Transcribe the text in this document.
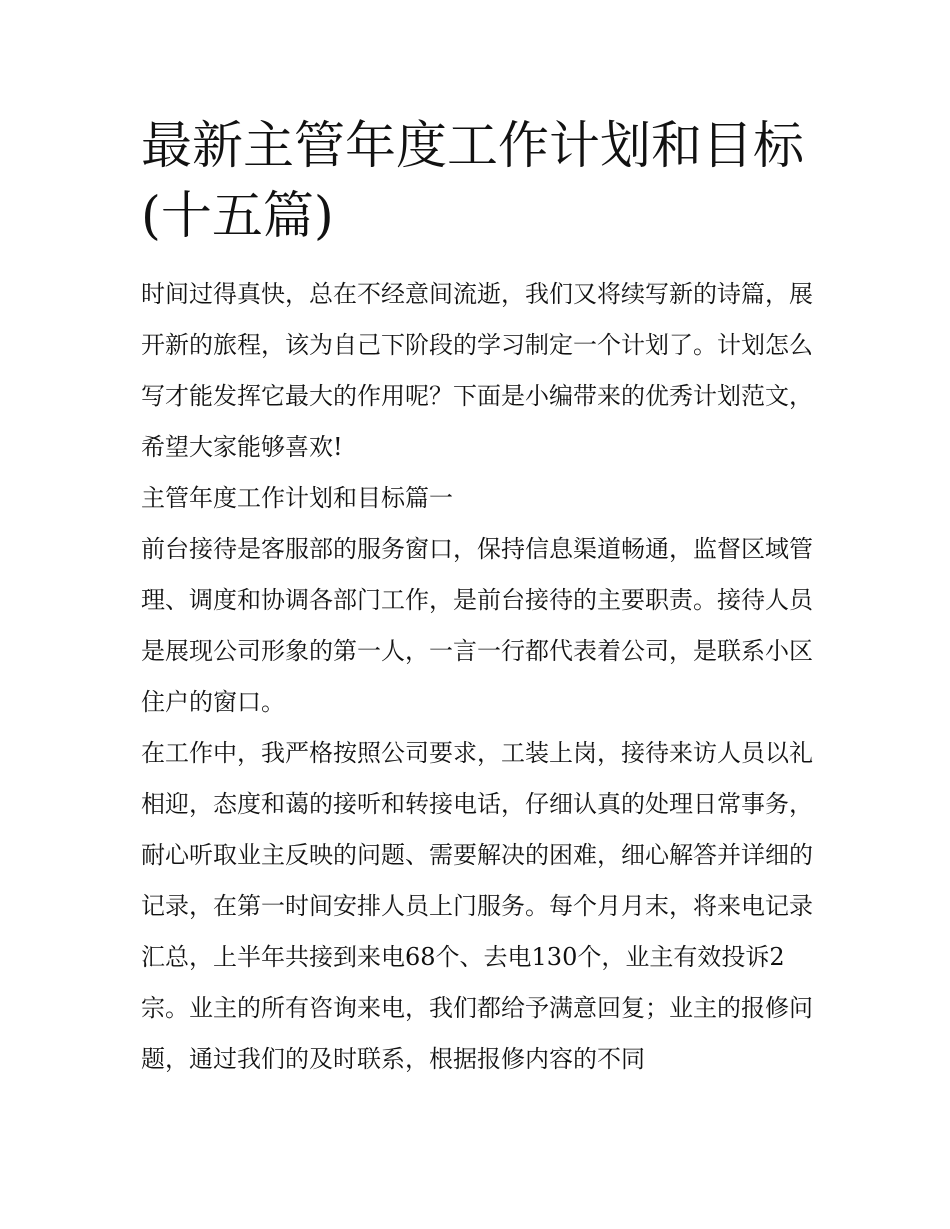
最新主管年度工作计划和目标(十五篇)

时间过得真快，总在不经意间流逝，我们又将续写新的诗篇，展开新的旅程，该为自己下阶段的学习制定一个计划了。计划怎么写才能发挥它最大的作用呢？下面是小编带来的优秀计划范文，希望大家能够喜欢!

主管年度工作计划和目标篇一

前台接待是客服部的服务窗口，保持信息渠道畅通，监督区域管理、调度和协调各部门工作，是前台接待的主要职责。接待人员是展现公司形象的第一人，一言一行都代表着公司，是联系小区住户的窗口。

在工作中，我严格按照公司要求，工装上岗，接待来访人员以礼相迎，态度和蔼的接听和转接电话，仔细认真的处理日常事务，耐心听取业主反映的问题、需要解决的困难，细心解答并详细的记录，在第一时间安排人员上门服务。每个月月末，将来电记录汇总，上半年共接到来电68个、去电130个，业主有效投诉2宗。业主的所有咨询来电，我们都给予满意回复；业主的报修问题，通过我们的及时联系，根据报修内容的不同
